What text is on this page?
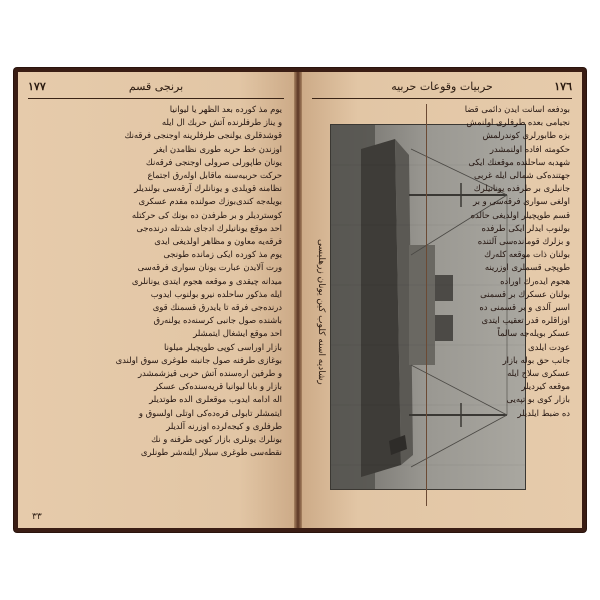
١٧٧	برنجی قسم

يوم مذ كورده بعد الظهر يا ليوانيا

و يناز طرفلرنده آتش حربك ال ايله

قوشدقلرى يولنجى طرفلرينه اوجنجى فرقه‌نك

اوزندن خط حربه طورى نظامدن ايغر

يونان طاپورلى صرولى اوجنجى فرقه‌نك

حركت حربيه‌سنه ماقابل اوله‌رق اجتماع

نظامنه قويلدى و يونانلرك آرقه‌سى بولنديلر

بويله‌جه كندى‌بوزك صولنده مقدم عسكرى

كوسترديلر و بر طرفدن ده بونك كى حركتله

احد موقع يونانيلرك ادجاى شدتله درنده‌جى

فرقه‌يه معاون و مظاهر اولديغى ايدى

يوم مذ كورده ايكى زمانده طونجى

ورت آلايدن عبارت يونان سوارى فرقه‌سى

ميدانه چيقدى و موقعه هجوم ايتدى يونانلرى

ايله مذكور ساحلده نيرو بولنوب ايدوب

درنده‌جى فرقه تا يايدرق قسمنك قوى

باشنده صول جانبى كرسنه‌ده يولنه‌رق

احد موقع ايشغال ايتمشلر

بازار اوراسى كوپى طوپچيلر ميلونا

بوغازى طرفنه صول جانبنه طوغرى سوق اولندى

و طرفين اره‌سنده آتش حربى قيزشمشدر

بازار و بابا ليوانيا قريه‌سنده‌كى عسكر

اله ادامه ايدوب موقعلرى الده طوتديلر

ايتمشلر تابولى قره‌ده‌كى اوتلى اولسوق و

طرفلرى و كيجه‌لرده اوزرنه آلديلر

بونلرك يونلرى بازار كويى طرفنه و نك

نقطه‌سى طوغرى سيلار ايلنه‌شر طونلرى

٣٣
١٧٦
حربيات وقوعات حربيه
رشاديه اسنه كلوب كين يونان زرهليسى

بودفعه اسانت ايدن دائمى قضا

نجيامى بعده طرفلرى اولنمش

بزه طابورلرى كوندرلمش

حكومته افاده اولنمشدر

شهدبه ساحلنده موقعنك ايكى

جهتنده‌كى شمالى ايله غربى

جانبلرى بر طرفده يونانيلرك

اولغى سوارى فرقه‌سى و بر

قسم طوپچيلر اولديغى حالده

بولنوب ايدلر ايكى طرفده

و بزلرك قومانده‌سى آلتنده

بولنان ذات موقعه كله‌رك

طوپچى قسملرى اوزرينه

هجوم ايده‌رك اوراده

بولنان عسكرك بر قسمنى

اسير آلدى و بر قسمنى ده

اوزاقلره قدر تعقيب ايتدى

عسكر بويله‌جه سالماً

عودت ايلدى

جانب حق بوله بازار

عسكرى سلاح ايله

موقعه كيرديلر

بازار كوى بو تپه‌يى

ده ضبط ايلديلر
